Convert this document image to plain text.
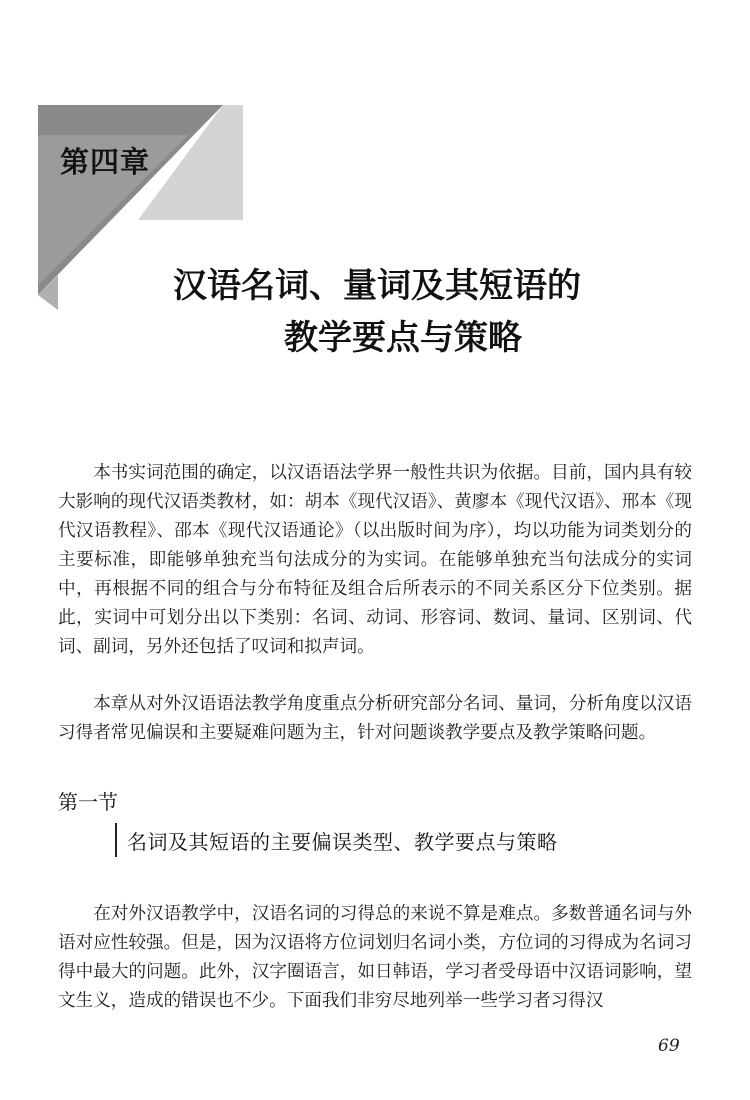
第四章
汉语名词、量词及其短语的
教学要点与策略

本书实词范围的确定，以汉语语法学界一般性共识为依据。目前，国内具有较大影响的现代汉语类教材，如：胡本《现代汉语》、黄廖本《现代汉语》、邢本《现代汉语教程》、邵本《现代汉语通论》（以出版时间为序），均以功能为词类划分的主要标准，即能够单独充当句法成分的为实词。在能够单独充当句法成分的实词中，再根据不同的组合与分布特征及组合后所表示的不同关系区分下位类别。据此，实词中可划分出以下类别：名词、动词、形容词、数词、量词、区别词、代词、副词，另外还包括了叹词和拟声词。

本章从对外汉语语法教学角度重点分析研究部分名词、量词，分析角度以汉语习得者常见偏误和主要疑难问题为主，针对问题谈教学要点及教学策略问题。

第一节
名词及其短语的主要偏误类型、教学要点与策略

在对外汉语教学中，汉语名词的习得总的来说不算是难点。多数普通名词与外语对应性较强。但是，因为汉语将方位词划归名词小类，方位词的习得成为名词习得中最大的问题。此外，汉字圈语言，如日韩语，学习者受母语中汉语词影响，望文生义，造成的错误也不少。下面我们非穷尽地列举一些学习者习得汉

69
